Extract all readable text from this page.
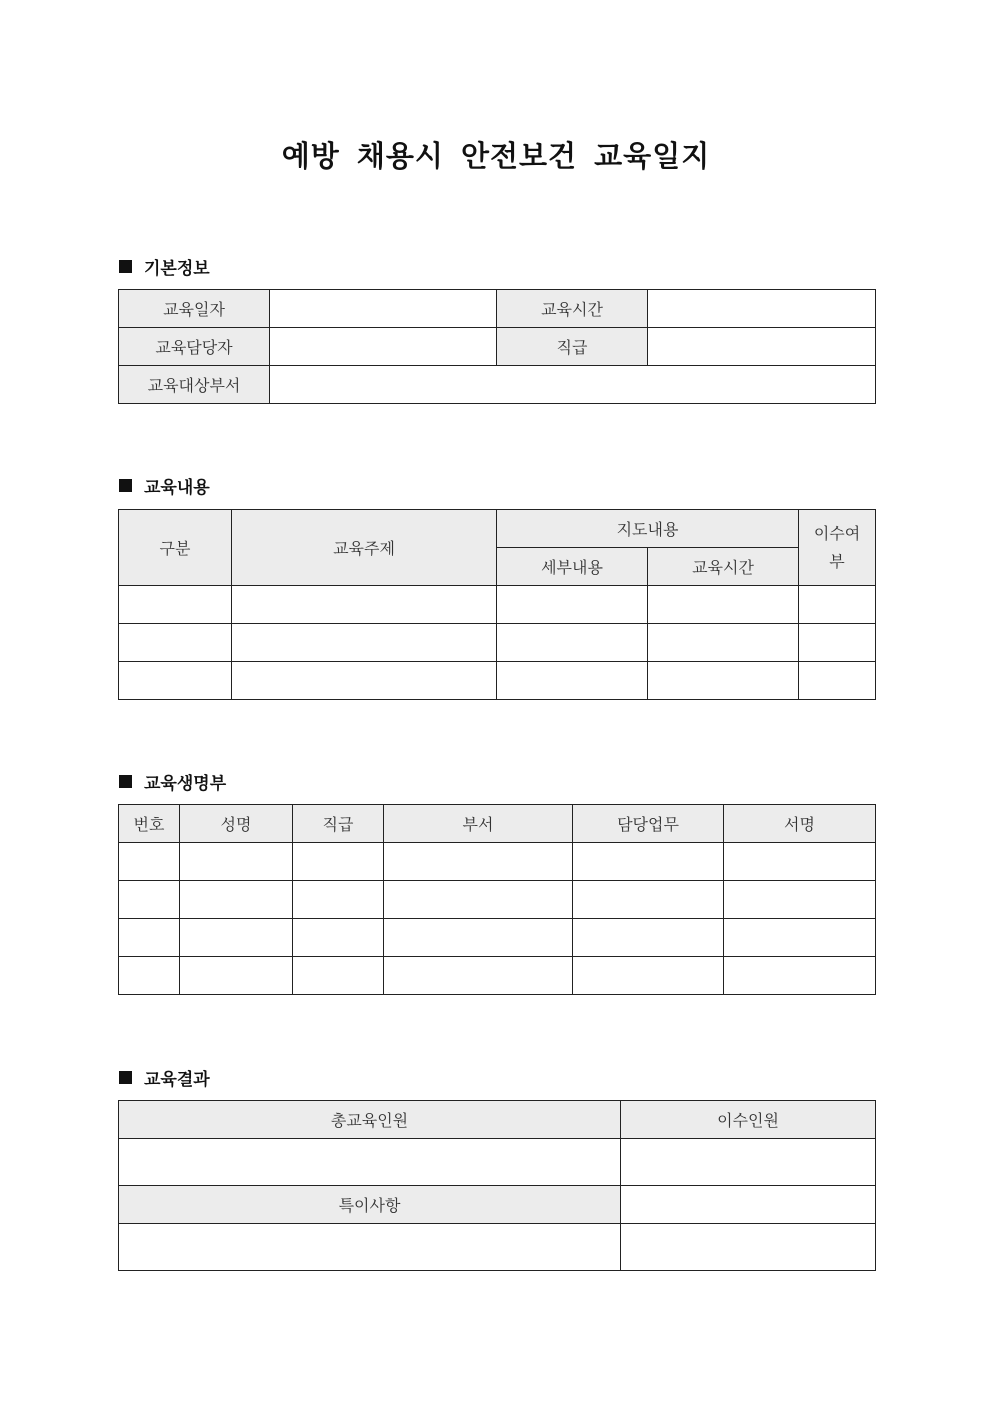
예방 채용시 안전보건 교육일지
기본정보
교육일자		교육시간	
교육담당자		직급	
교육대상부서			
교육내용
구분	교육주제	지도내용		이수여부
		세부내용	교육시간	

교육생명부
번호	성명	직급	부서	담당업무	서명

교육결과
총교육인원	이수인원

특이사항	
